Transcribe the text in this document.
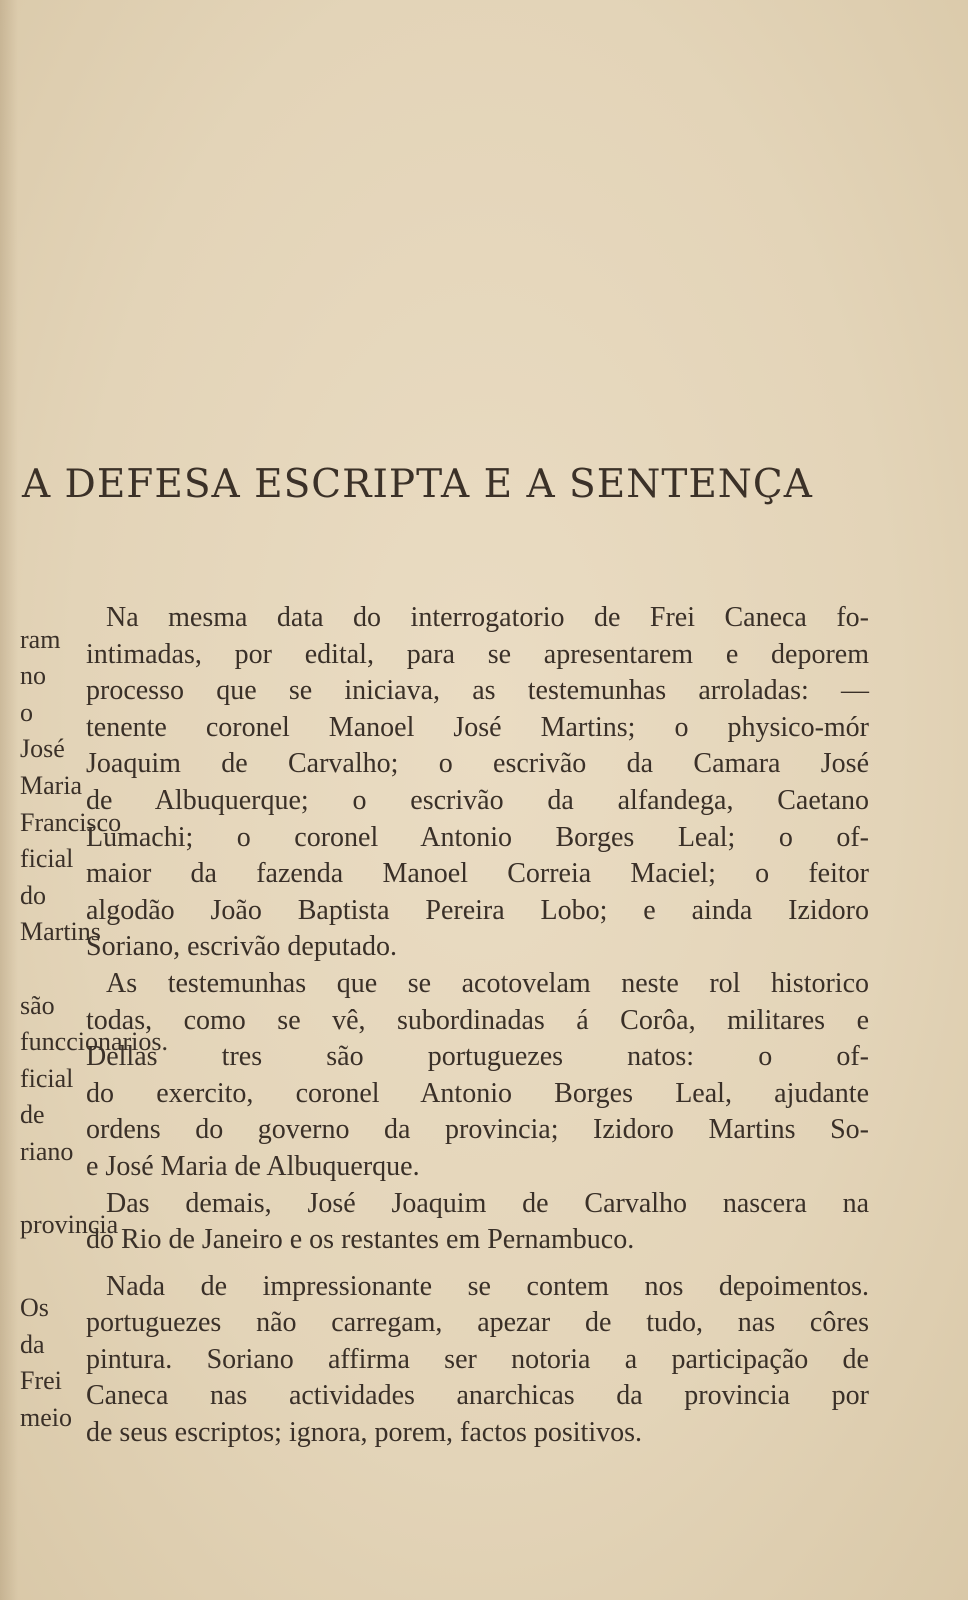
A DEFESA ESCRIPTA E A SENTENÇA
Na mesma data do interrogatorio de Frei Caneca fo-
ram intimadas, por edital, para se apresentarem e deporem
no processo que se iniciava, as testemunhas arroladas: —
o tenente coronel Manoel José Martins; o physico-mór
José Joaquim de Carvalho; o escrivão da Camara José
Maria de Albuquerque; o escrivão da alfandega, Caetano
Francisco
Lumachi; o coronel Antonio Borges Leal; o of-
ficial maior da fazenda Manoel Correia Maciel; o feitor
do algodão João Baptista Pereira Lobo; e ainda Izidoro
Martins
Soriano, escrivão deputado.
As testemunhas que se acotovelam neste rol historico
são todas, como se vê, subordinadas á Corôa, militares e
funccionarios.
Dellas tres são portuguezes natos: o of-
ficial do exercito, coronel Antonio Borges Leal, ajudante
de ordens do governo da provincia; Izidoro Martins So-
riano e José Maria de Albuquerque.
Das demais, José Joaquim de Carvalho nascera na
provincia
do Rio de Janeiro e os restantes em Pernambuco.
Nada de impressionante se contem nos depoimentos.
Os portuguezes não carregam, apezar de tudo, nas côres
da pintura. Soriano affirma ser notoria a participação de
Frei Caneca nas actividades anarchicas da provincia por
meio de seus escriptos; ignora, porem, factos positivos.
